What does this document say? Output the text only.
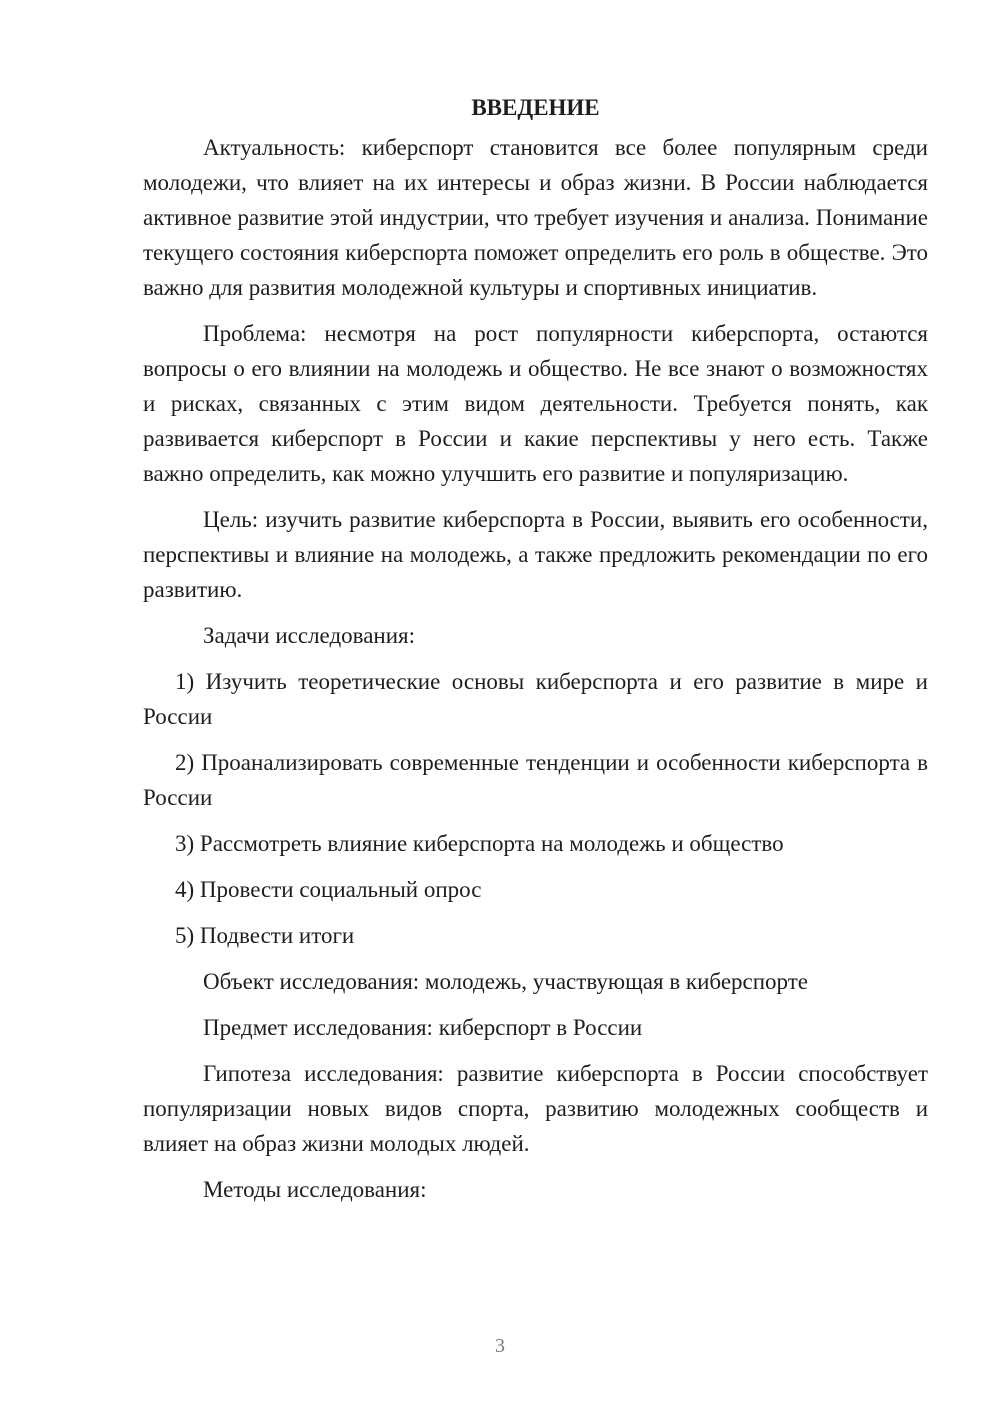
ВВЕДЕНИЕ

Актуальность: киберспорт становится все более популярным среди молодежи, что влияет на их интересы и образ жизни. В России наблюдается активное развитие этой индустрии, что требует изучения и анализа. Понимание текущего состояния киберспорта поможет определить его роль в обществе. Это важно для развития молодежной культуры и спортивных инициатив.

Проблема: несмотря на рост популярности киберспорта, остаются вопросы о его влиянии на молодежь и общество. Не все знают о возможностях и рисках, связанных с этим видом деятельности. Требуется понять, как развивается киберспорт в России и какие перспективы у него есть. Также важно определить, как можно улучшить его развитие и популяризацию.

Цель: изучить развитие киберспорта в России, выявить его особенности, перспективы и влияние на молодежь, а также предложить рекомендации по его развитию.

Задачи исследования:

1) Изучить теоретические основы киберспорта и его развитие в мире и России

2) Проанализировать современные тенденции и особенности киберспорта в России

3) Рассмотреть влияние киберспорта на молодежь и общество

4) Провести социальный опрос

5) Подвести итоги

Объект исследования: молодежь, участвующая в киберспорте

Предмет исследования: киберспорт в России

Гипотеза исследования: развитие киберспорта в России способствует популяризации новых видов спорта, развитию молодежных сообществ и влияет на образ жизни молодых людей.

Методы исследования:

3
